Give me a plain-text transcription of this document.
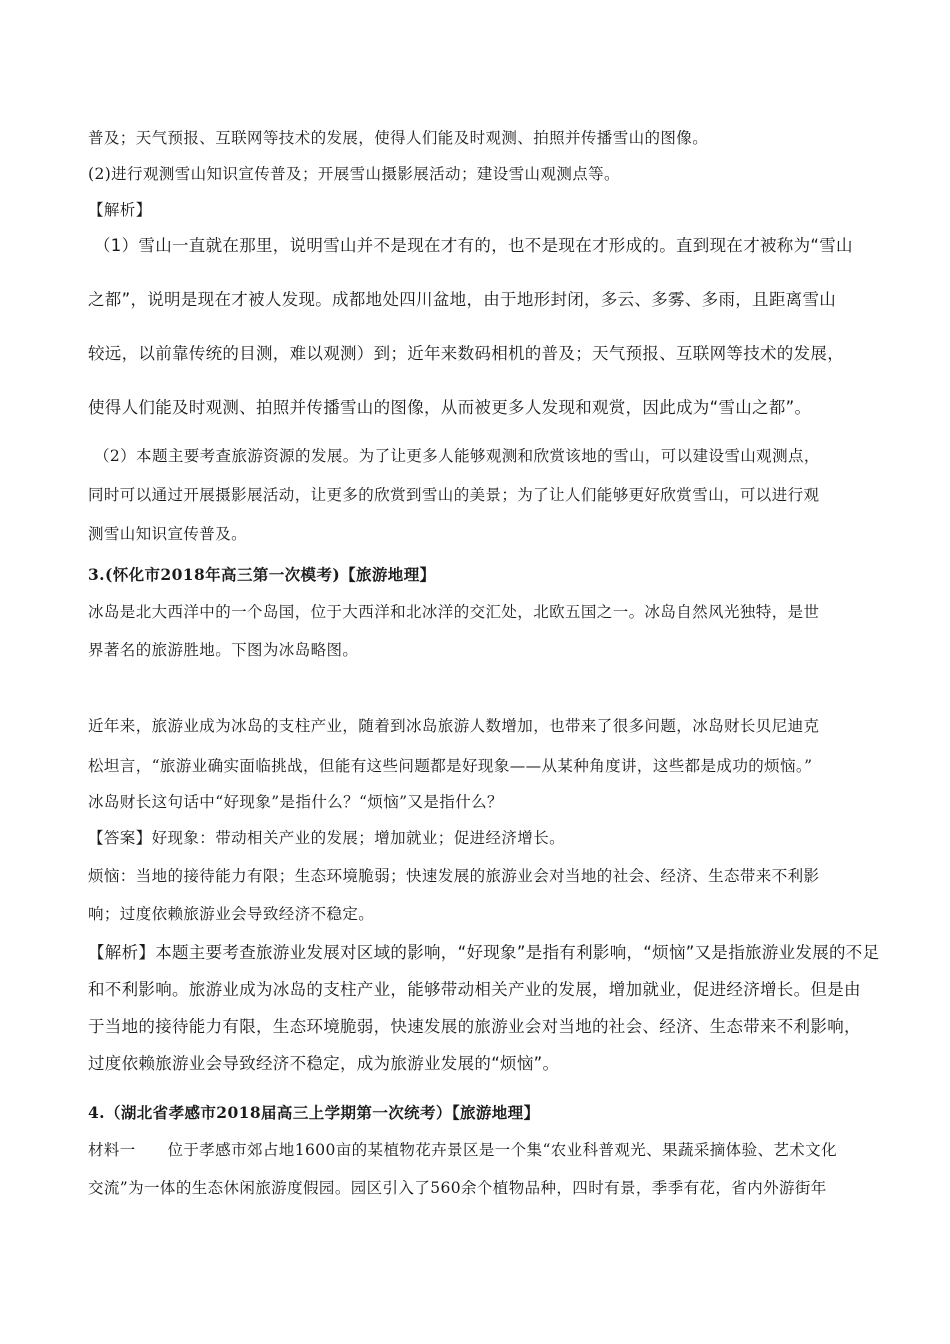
普及；天气预报、互联网等技术的发展，使得人们能及时观测、拍照并传播雪山的图像。
(2)进行观测雪山知识宣传普及；开展雪山摄影展活动；建设雪山观测点等。
【解析】
（1）雪山一直就在那里，说明雪山并不是现在才有的，也不是现在才形成的。直到现在才被称为“雪山
之都”，说明是现在才被人发现。成都地处四川盆地，由于地形封闭，多云、多雾、多雨，且距离雪山
较远，以前靠传统的目测，难以观测）到；近年来数码相机的普及；天气预报、互联网等技术的发展，
使得人们能及时观测、拍照并传播雪山的图像，从而被更多人发现和观赏，因此成为“雪山之都”。
（2）本题主要考查旅游资源的发展。为了让更多人能够观测和欣赏该地的雪山，可以建设雪山观测点，
同时可以通过开展摄影展活动，让更多的欣赏到雪山的美景；为了让人们能够更好欣赏雪山，可以进行观
测雪山知识宣传普及。
3.(怀化市2018年高三第一次模考)【旅游地理】
冰岛是北大西洋中的一个岛国，位于大西洋和北冰洋的交汇处，北欧五国之一。冰岛自然风光独特，是世
界著名的旅游胜地。下图为冰岛略图。
近年来，旅游业成为冰岛的支柱产业，随着到冰岛旅游人数增加，也带来了很多问题，冰岛财长贝尼迪克
松坦言，“旅游业确实面临挑战，但能有这些问题都是好现象——从某种角度讲，这些都是成功的烦恼。”
冰岛财长这句话中“好现象”是指什么？“烦恼”又是指什么？
【答案】好现象：带动相关产业的发展；增加就业；促进经济增长。
烦恼：当地的接待能力有限；生态环境脆弱；快速发展的旅游业会对当地的社会、经济、生态带来不利影
响；过度依赖旅游业会导致经济不稳定。
【解析】本题主要考查旅游业发展对区域的影响，“好现象”是指有利影响，“烦恼”又是指旅游业发展的不足
和不利影响。旅游业成为冰岛的支柱产业，能够带动相关产业的发展，增加就业，促进经济增长。但是由
于当地的接待能力有限，生态环境脆弱，快速发展的旅游业会对当地的社会、经济、生态带来不利影响，
过度依赖旅游业会导致经济不稳定，成为旅游业发展的“烦恼”。
4.（湖北省孝感市2018届高三上学期第一次统考）【旅游地理】
材料一　　位于孝感市郊占地1600亩的某植物花卉景区是一个集“农业科普观光、果蔬采摘体验、艺术文化
交流”为一体的生态休闲旅游度假园。园区引入了560余个植物品种，四时有景，季季有花，省内外游街年
